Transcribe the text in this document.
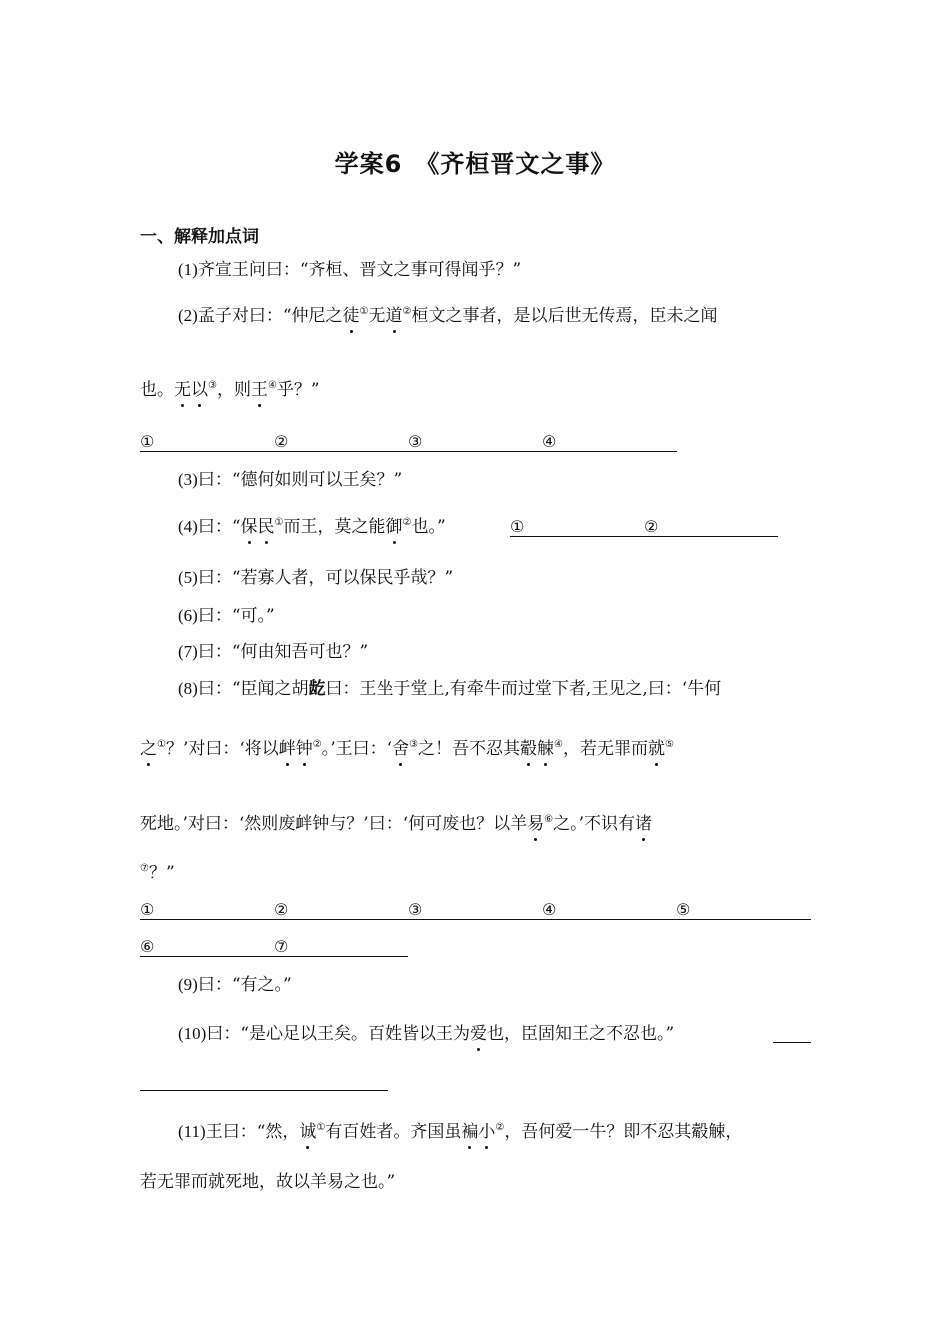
学案6　《齐桓晋文之事》
一、解释加点词
(1)齐宣王问曰：“齐桓、晋文之事可得闻乎？”
(2)孟子对曰：“仲尼之徒①无道②桓文之事者，是以后世无传焉，臣未之闻
也。无以③，则王④乎？”
①	②	③	④
(3)曰：“德何如则可以王矣？”
(4)曰：“保民①而王，莫之能御②也。”	①	②
(5)曰：“若寡人者，可以保民乎哉？”
(6)曰：“可。”
(7)曰：“何由知吾可也？”
(8)曰：“臣闻之胡龁曰：王坐于堂上,有牵牛而过堂下者,王见之,曰：‘牛何
之①？’对曰：‘将以衅钟②。’王曰：‘舍③之！吾不忍其觳觫④，若无罪而就⑤
死地。’对曰：‘然则废衅钟与？’曰：‘何可废也？以羊易⑥之。’不识有诸
⑦？”
①	②	③	④	⑤
⑥	⑦
(9)曰：“有之。”
(10)曰：“是心足以王矣。百姓皆以王为爱也，臣固知王之不忍也。”
(11)王曰：“然，诚①有百姓者。齐国虽褊小②，吾何爱一牛？即不忍其觳觫，
若无罪而就死地，故以羊易之也。”
